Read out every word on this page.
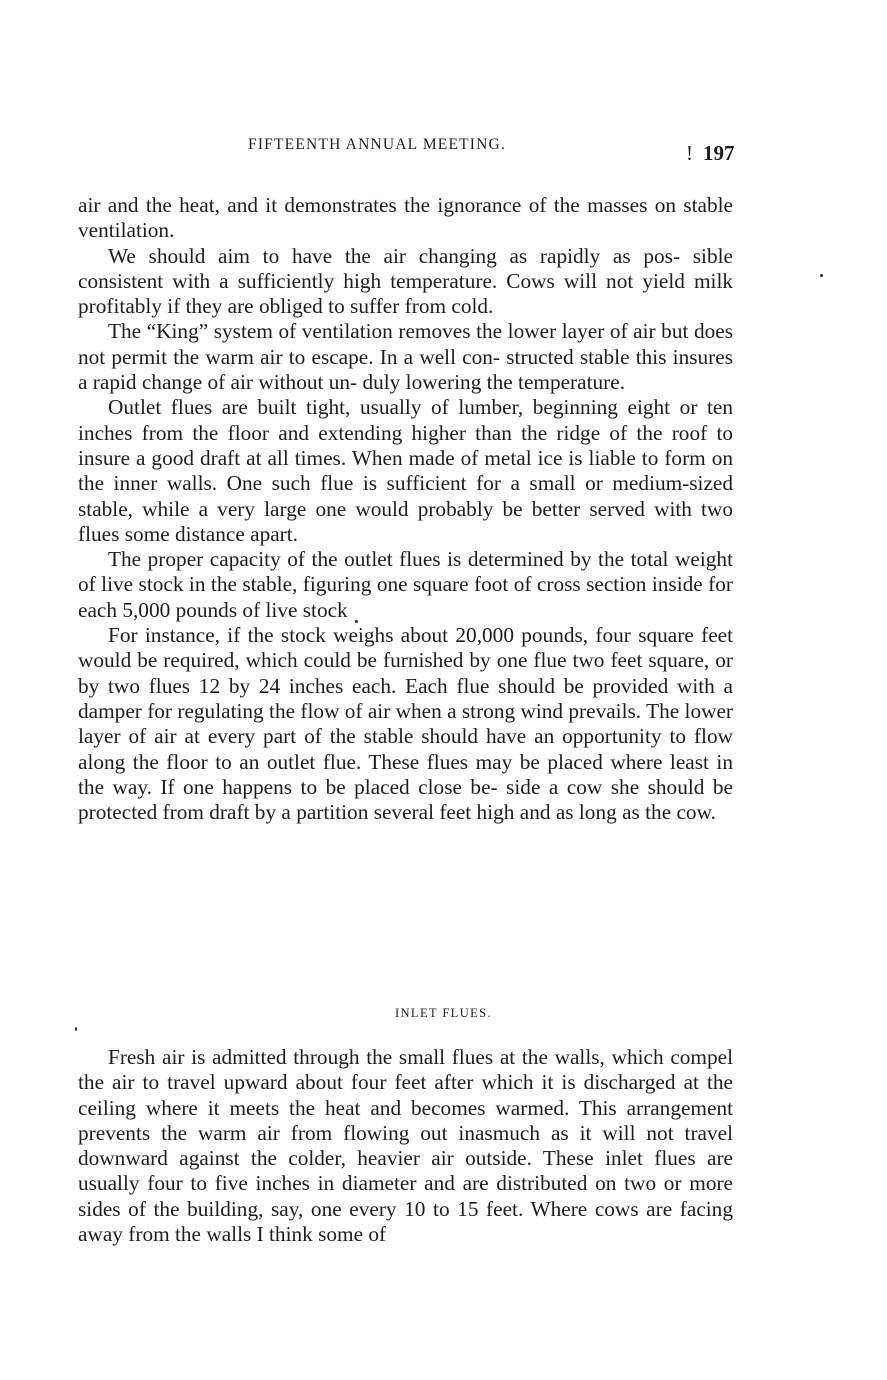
FIFTEENTH ANNUAL MEETING.	! 197

air and the heat, and it demonstrates the ignorance of the masses on stable ventilation.

We should aim to have the air changing as rapidly as pos- sible consistent with a sufficiently high temperature. Cows will not yield milk profitably if they are obliged to suffer from cold.

The “King” system of ventilation removes the lower layer of air but does not permit the warm air to escape. In a well con- structed stable this insures a rapid change of air without un- duly lowering the temperature.

Outlet flues are built tight, usually of lumber, beginning eight or ten inches from the floor and extending higher than the ridge of the roof to insure a good draft at all times. When made of metal ice is liable to form on the inner walls. One such flue is sufficient for a small or medium-sized stable, while a very large one would probably be better served with two flues some distance apart.

The proper capacity of the outlet flues is determined by the total weight of live stock in the stable, figuring one square foot of cross section inside for each 5,000 pounds of live stock

For instance, if the stock weighs about 20,000 pounds, four square feet would be required, which could be furnished by one flue two feet square, or by two flues 12 by 24 inches each. Each flue should be provided with a damper for regulating the flow of air when a strong wind prevails. The lower layer of air at every part of the stable should have an opportunity to flow along the floor to an outlet flue. These flues may be placed where least in the way. If one happens to be placed close be- side a cow she should be protected from draft by a partition several feet high and as long as the cow.

INLET FLUES.

Fresh air is admitted through the small flues at the walls, which compel the air to travel upward about four feet after which it is discharged at the ceiling where it meets the heat and becomes warmed. This arrangement prevents the warm air from flowing out inasmuch as it will not travel downward against the colder, heavier air outside. These inlet flues are usually four to five inches in diameter and are distributed on two or more sides of the building, say, one every 10 to 15 feet. Where cows are facing away from the walls I think some of
